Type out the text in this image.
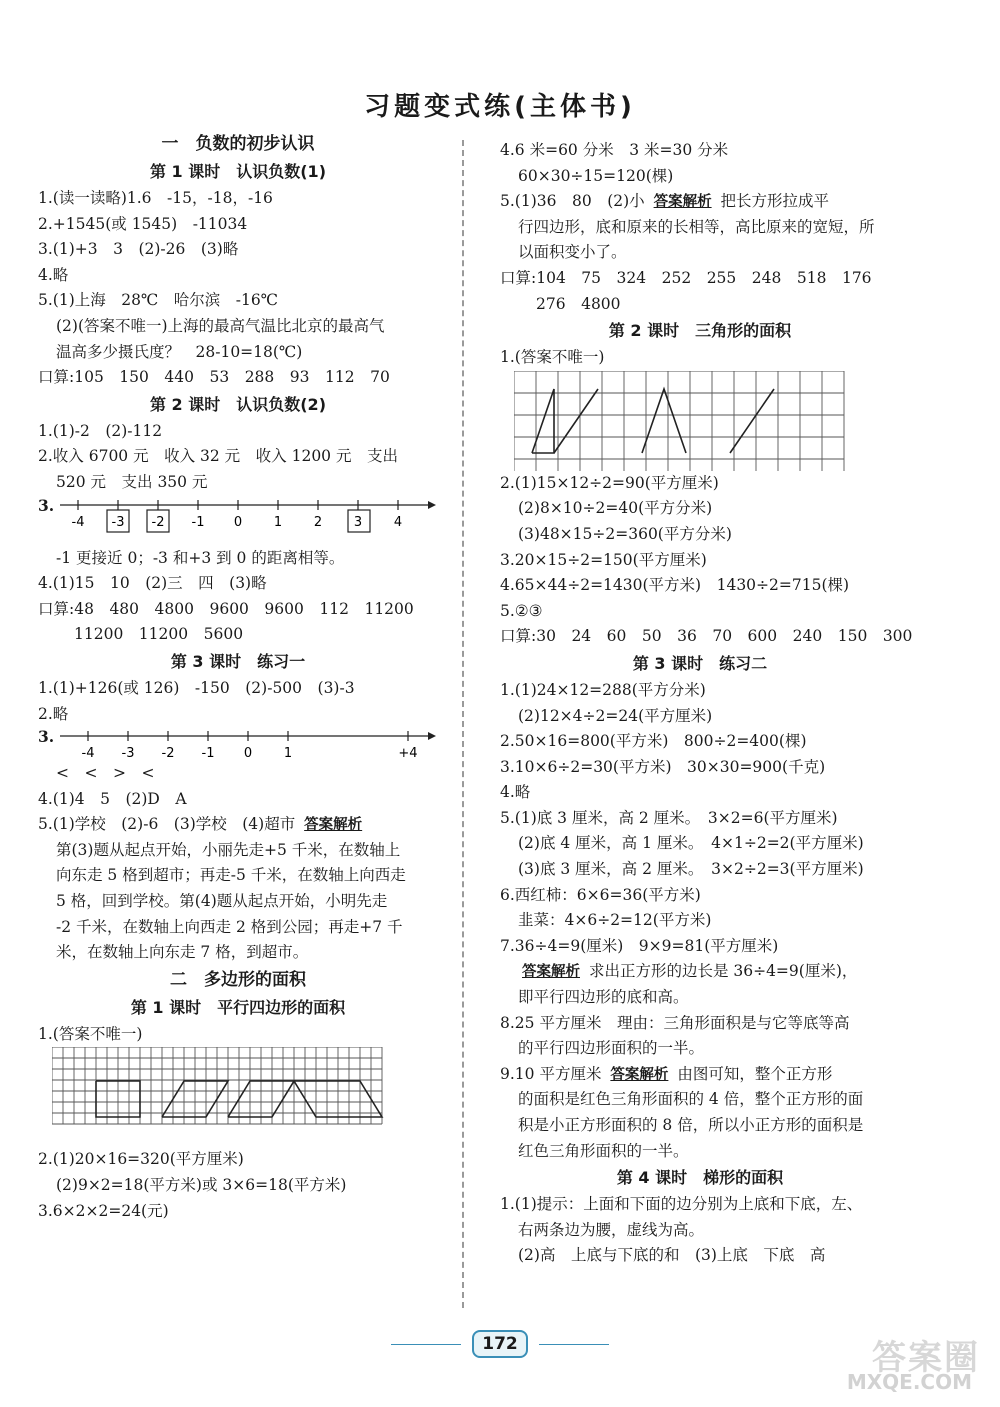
习题变式练(主体书)
一　负数的初步认识
第 1 课时　认识负数(1)
1.(读一读略)1.6　-15，-18，-16
2.+1545(或 1545)　-11034
3.(1)+3　3　(2)-26　(3)略
4.略
5.(1)上海　28℃　哈尔滨　-16℃
(2)(答案不唯一)上海的最高气温比北京的最高气
温高多少摄氏度？　28-10=18(℃)
口算:105　150　440　53　288　93　112　70
第 2 课时　认识负数(2)
1.(1)-2　(2)-112
2.收入 6700 元　收入 32 元　收入 1200 元　支出
520 元　支出 350 元
3.
-4 -3 -2 -1 0 1 2 3 4
-1 更接近 0；-3 和+3 到 0 的距离相等。
4.(1)15　10　(2)三　四　(3)略
口算:48　480　4800　9600　9600　112　11200
11200　11200　5600
第 3 课时　练习一
1.(1)+126(或 126)　-150　(2)-500　(3)-3
2.略
3.
-4 -3 -2 -1 0 1	+4
<　<　>　<
4.(1)4　5　(2)D　A
5.(1)学校　(2)-6　(3)学校　(4)超市 答案解析
第(3)题从起点开始，小丽先走+5 千米，在数轴上
向东走 5 格到超市；再走-5 千米，在数轴上向西走
5 格，回到学校。第(4)题从起点开始，小明先走
-2 千米，在数轴上向西走 2 格到公园；再走+7 千
米，在数轴上向东走 7 格，到超市。
二　多边形的面积
第 1 课时　平行四边形的面积
1.(答案不唯一)
2.(1)20×16=320(平方厘米)
(2)9×2=18(平方米)或 3×6=18(平方米)
3.6×2×2=24(元)
4.6 米=60 分米　3 米=30 分米
60×30÷15=120(棵)
5.(1)36　80　(2)小 答案解析 把长方形拉成平
行四边形，底和原来的长相等，高比原来的宽短，所
以面积变小了。
口算:104　75　324　252　255　248　518　176
276　4800
第 2 课时　三角形的面积
1.(答案不唯一)
2.(1)15×12÷2=90(平方厘米)
(2)8×10÷2=40(平方分米)
(3)48×15÷2=360(平方分米)
3.20×15÷2=150(平方厘米)
4.65×44÷2=1430(平方米)　1430÷2=715(棵)
5.②③
口算:30　24　60　50　36　70　600　240　150　300
第 3 课时　练习二
1.(1)24×12=288(平方分米)
(2)12×4÷2=24(平方厘米)
2.50×16=800(平方米)　800÷2=400(棵)
3.10×6÷2=30(平方米)　30×30=900(千克)
4.略
5.(1)底 3 厘米，高 2 厘米。　3×2=6(平方厘米)
(2)底 4 厘米，高 1 厘米。　4×1÷2=2(平方厘米)
(3)底 3 厘米，高 2 厘米。　3×2÷2=3(平方厘米)
6.西红柿：6×6=36(平方米)
韭菜：4×6÷2=12(平方米)
7.36÷4=9(厘米)　9×9=81(平方厘米)
答案解析 求出正方形的边长是 36÷4=9(厘米)，
即平行四边形的底和高。
8.25 平方厘米　理由：三角形面积是与它等底等高
的平行四边形面积的一半。
9.10 平方厘米 答案解析 由图可知，整个正方形
的面积是红色三角形面积的 4 倍，整个正方形的面
积是小正方形面积的 8 倍，所以小正方形的面积是
红色三角形面积的一半。
第 4 课时　梯形的面积
1.(1)提示：上面和下面的边分别为上底和下底，左、
右两条边为腰，虚线为高。
(2)高　上底与下底的和　(3)上底　下底　高
172	答案圈
MXQE.COM
